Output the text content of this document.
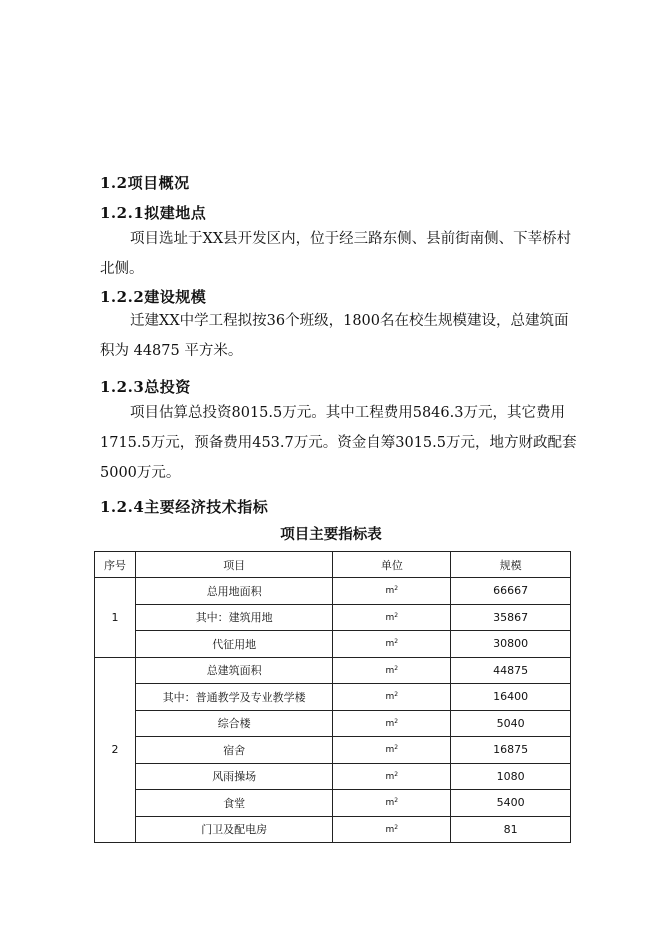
1.2项目概况
1.2.1拟建地点
项目选址于XX县开发区内，位于经三路东侧、县前街南侧、下莘桥村北侧。
1.2.2建设规模
迁建XX中学工程拟按36个班级，1800名在校生规模建设，总建筑面积为 44875 平方米。
1.2.3总投资
项目估算总投资8015.5万元。其中工程费用5846.3万元，其它费用1715.5万元，预备费用453.7万元。资金自筹3015.5万元，地方财政配套5000万元。
1.2.4主要经济技术指标
项目主要指标表
序号	项目	单位	规模
1	总用地面积	$m^2$	66667
	其中：建筑用地	$m^2$	35867
	代征用地	$m^2$	30800
2	总建筑面积	$m^2$	44875
	其中：普通教学及专业教学楼	$m^2$	16400
	综合楼	$m^2$	5040
	宿舍	$m^2$	16875
	风雨操场	$m^2$	1080
	食堂	$m^2$	5400
	门卫及配电房	$m^2$	81
